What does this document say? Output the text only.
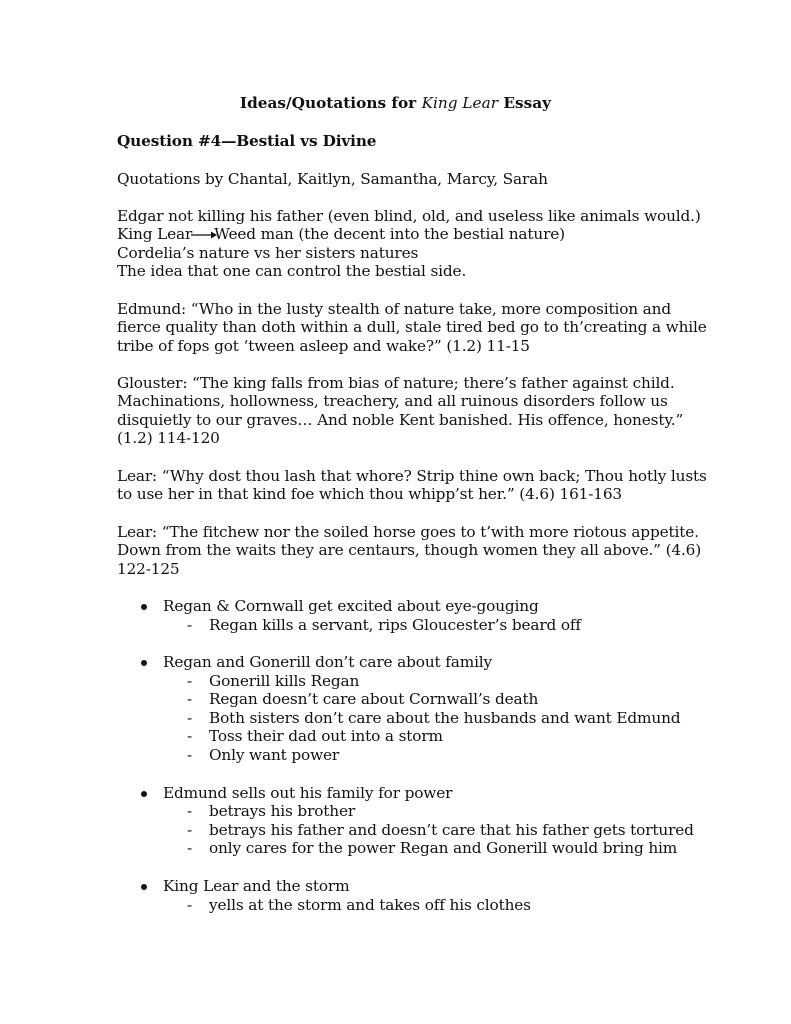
Ideas/Quotations for King Lear Essay
Question #4—Bestial vs Divine
Quotations by Chantal, Kaitlyn, Samantha, Marcy, Sarah
Edgar not killing his father (even blind, old, and useless like animals would.)
King Lear Weed man (the decent into the bestial nature)
Cordelia’s nature vs her sisters natures
The idea that one can control the bestial side.
Edmund: “Who in the lusty stealth of nature take, more composition and
fierce quality than doth within a dull, stale tired bed go to th’creating a while
tribe of fops got ‘tween asleep and wake?” (1.2) 11-15
Glouster: “The king falls from bias of nature; there’s father against child.
Machinations, hollowness, treachery, and all ruinous disorders follow us
disquietly to our graves… And noble Kent banished. His offence, honesty.”
(1.2) 114-120
Lear: “Why dost thou lash that whore? Strip thine own back; Thou hotly lusts
to use her in that kind foe which thou whipp’st her.” (4.6) 161-163
Lear: “The fitchew nor the soiled horse goes to t’with more riotous appetite.
Down from the waits they are centaurs, though women they all above.” (4.6)
122-125
Regan & Cornwall get excited about eye-gouging
- Regan kills a servant, rips Gloucester’s beard off
Regan and Gonerill don’t care about family
- Gonerill kills Regan
- Regan doesn’t care about Cornwall’s death
- Both sisters don’t care about the husbands and want Edmund
- Toss their dad out into a storm
- Only want power
Edmund sells out his family for power
- betrays his brother
- betrays his father and doesn’t care that his father gets tortured
- only cares for the power Regan and Gonerill would bring him
King Lear and the storm
- yells at the storm and takes off his clothes
